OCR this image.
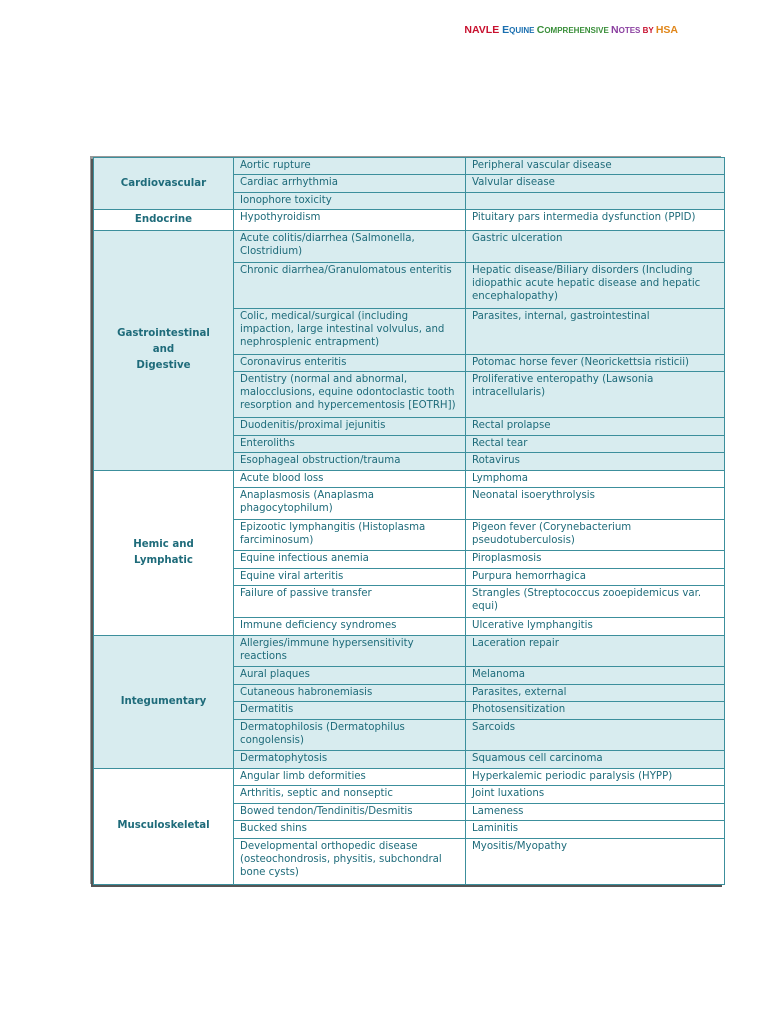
NAVLE EQUINE COMPREHENSIVE NOTES BY HSA
Cardiovascular	Aortic rupture	Peripheral vascular disease
	Cardiac arrhythmia	Valvular disease
	Ionophore toxicity	
Endocrine	Hypothyroidism	Pituitary pars intermedia dysfunction (PPID)
Gastrointestinal
and
Digestive	Acute colitis/diarrhea (Salmonella, Clostridium)	Gastric ulceration
	Chronic diarrhea/Granulomatous enteritis	Hepatic disease/Biliary disorders (Including idiopathic acute hepatic disease and hepatic encephalopathy)
	Colic, medical/surgical (including impaction, large intestinal volvulus, and nephrosplenic entrapment)	Parasites, internal, gastrointestinal
	Coronavirus enteritis	Potomac horse fever (Neorickettsia risticii)
	Dentistry (normal and abnormal, malocclusions, equine odontoclastic tooth resorption and hypercementosis [EOTRH])	Proliferative enteropathy (Lawsonia intracellularis)
	Duodenitis/proximal jejunitis	Rectal prolapse
	Enteroliths	Rectal tear
	Esophageal obstruction/trauma	Rotavirus
Hemic and
Lymphatic	Acute blood loss	Lymphoma
	Anaplasmosis (Anaplasma phagocytophilum)	Neonatal isoerythrolysis
	Epizootic lymphangitis (Histoplasma farciminosum)	Pigeon fever (Corynebacterium pseudotuberculosis)
	Equine infectious anemia	Piroplasmosis
	Equine viral arteritis	Purpura hemorrhagica
	Failure of passive transfer	Strangles (Streptococcus zooepidemicus var. equi)
	Immune deficiency syndromes	Ulcerative lymphangitis
Integumentary	Allergies/immune hypersensitivity reactions	Laceration repair
	Aural plaques	Melanoma
	Cutaneous habronemiasis	Parasites, external
	Dermatitis	Photosensitization
	Dermatophilosis (Dermatophilus congolensis)	Sarcoids
	Dermatophytosis	Squamous cell carcinoma
Musculoskeletal	Angular limb deformities	Hyperkalemic periodic paralysis (HYPP)
	Arthritis, septic and nonseptic	Joint luxations
	Bowed tendon/Tendinitis/Desmitis	Lameness
	Bucked shins	Laminitis
	Developmental orthopedic disease (osteochondrosis, physitis, subchondral bone cysts)	Myositis/Myopathy
